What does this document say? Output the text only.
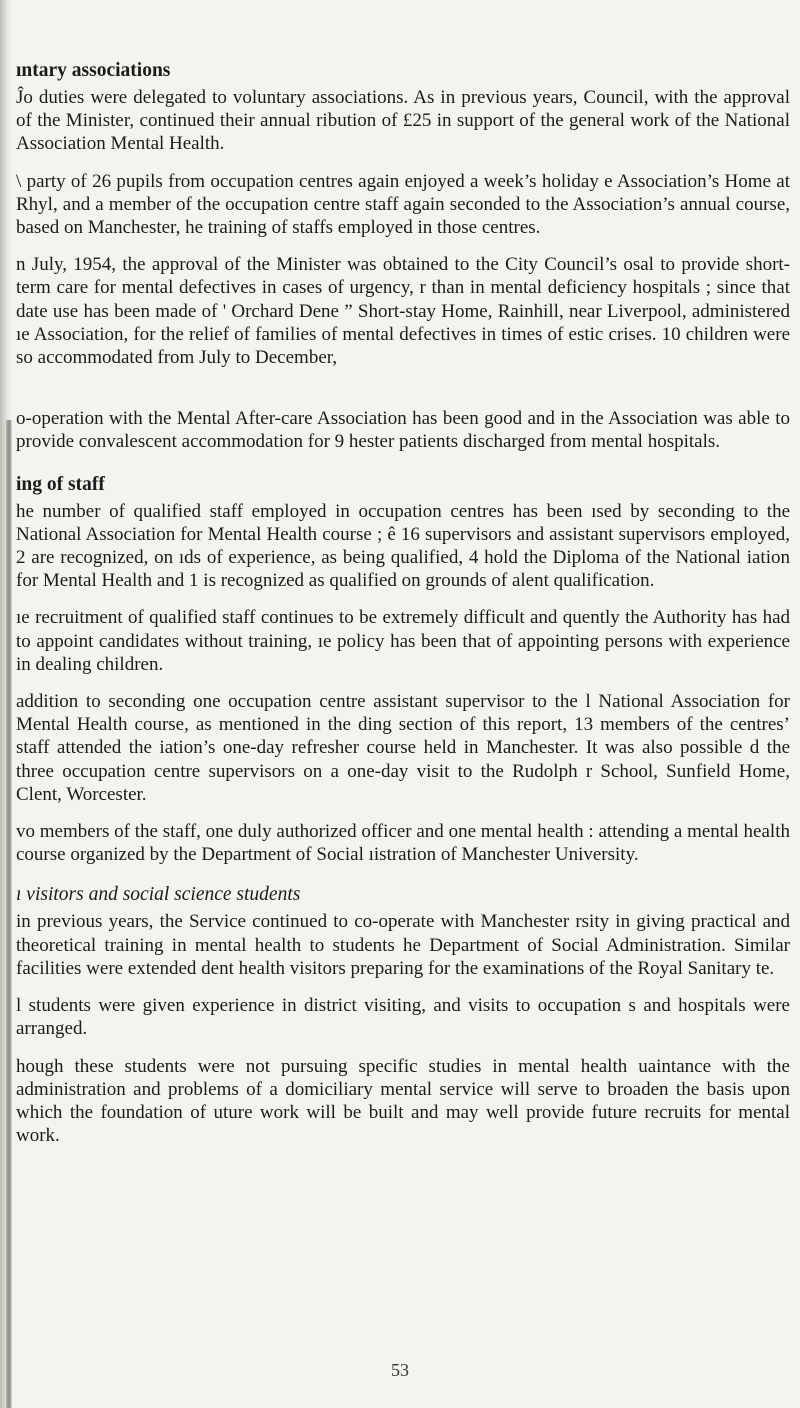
ıntary associations

Ĵo duties were delegated to voluntary associations. As in previous years, Council, with the approval of the Minister, continued their annual ribution of £25 in support of the general work of the National Association Mental Health.

\ party of 26 pupils from occupation centres again enjoyed a week’s holiday e Association’s Home at Rhyl, and a member of the occupation centre staff again seconded to the Association’s annual course, based on Manchester, he training of staffs employed in those centres.

n July, 1954, the approval of the Minister was obtained to the City Council’s osal to provide short-term care for mental defectives in cases of urgency, r than in mental deficiency hospitals ; since that date use has been made of ' Orchard Dene ” Short-stay Home, Rainhill, near Liverpool, administered ıe Association, for the relief of families of mental defectives in times of estic crises. 10 children were so accommodated from July to December,

o-operation with the Mental After-care Association has been good and in the Association was able to provide convalescent accommodation for 9 hester patients discharged from mental hospitals.

ing of staff

he number of qualified staff employed in occupation centres has been ısed by seconding to the National Association for Mental Health course ; ê 16 supervisors and assistant supervisors employed, 2 are recognized, on ıds of experience, as being qualified, 4 hold the Diploma of the National iation for Mental Health and 1 is recognized as qualified on grounds of alent qualification.

ıe recruitment of qualified staff continues to be extremely difficult and quently the Authority has had to appoint candidates without training, ıe policy has been that of appointing persons with experience in dealing children.

addition to seconding one occupation centre assistant supervisor to the l National Association for Mental Health course, as mentioned in the ding section of this report, 13 members of the centres’ staff attended the iation’s one-day refresher course held in Manchester. It was also possible d the three occupation centre supervisors on a one-day visit to the Rudolph r School, Sunfield Home, Clent, Worcester.

vo members of the staff, one duly authorized officer and one mental health : attending a mental health course organized by the Department of Social ıistration of Manchester University.

ı visitors and social science students

in previous years, the Service continued to co-operate with Manchester rsity in giving practical and theoretical training in mental health to students he Department of Social Administration. Similar facilities were extended dent health visitors preparing for the examinations of the Royal Sanitary te.

l students were given experience in district visiting, and visits to occupation s and hospitals were arranged.

hough these students were not pursuing specific studies in mental health uaintance with the administration and problems of a domiciliary mental service will serve to broaden the basis upon which the foundation of uture work will be built and may well provide future recruits for mental work.

53
